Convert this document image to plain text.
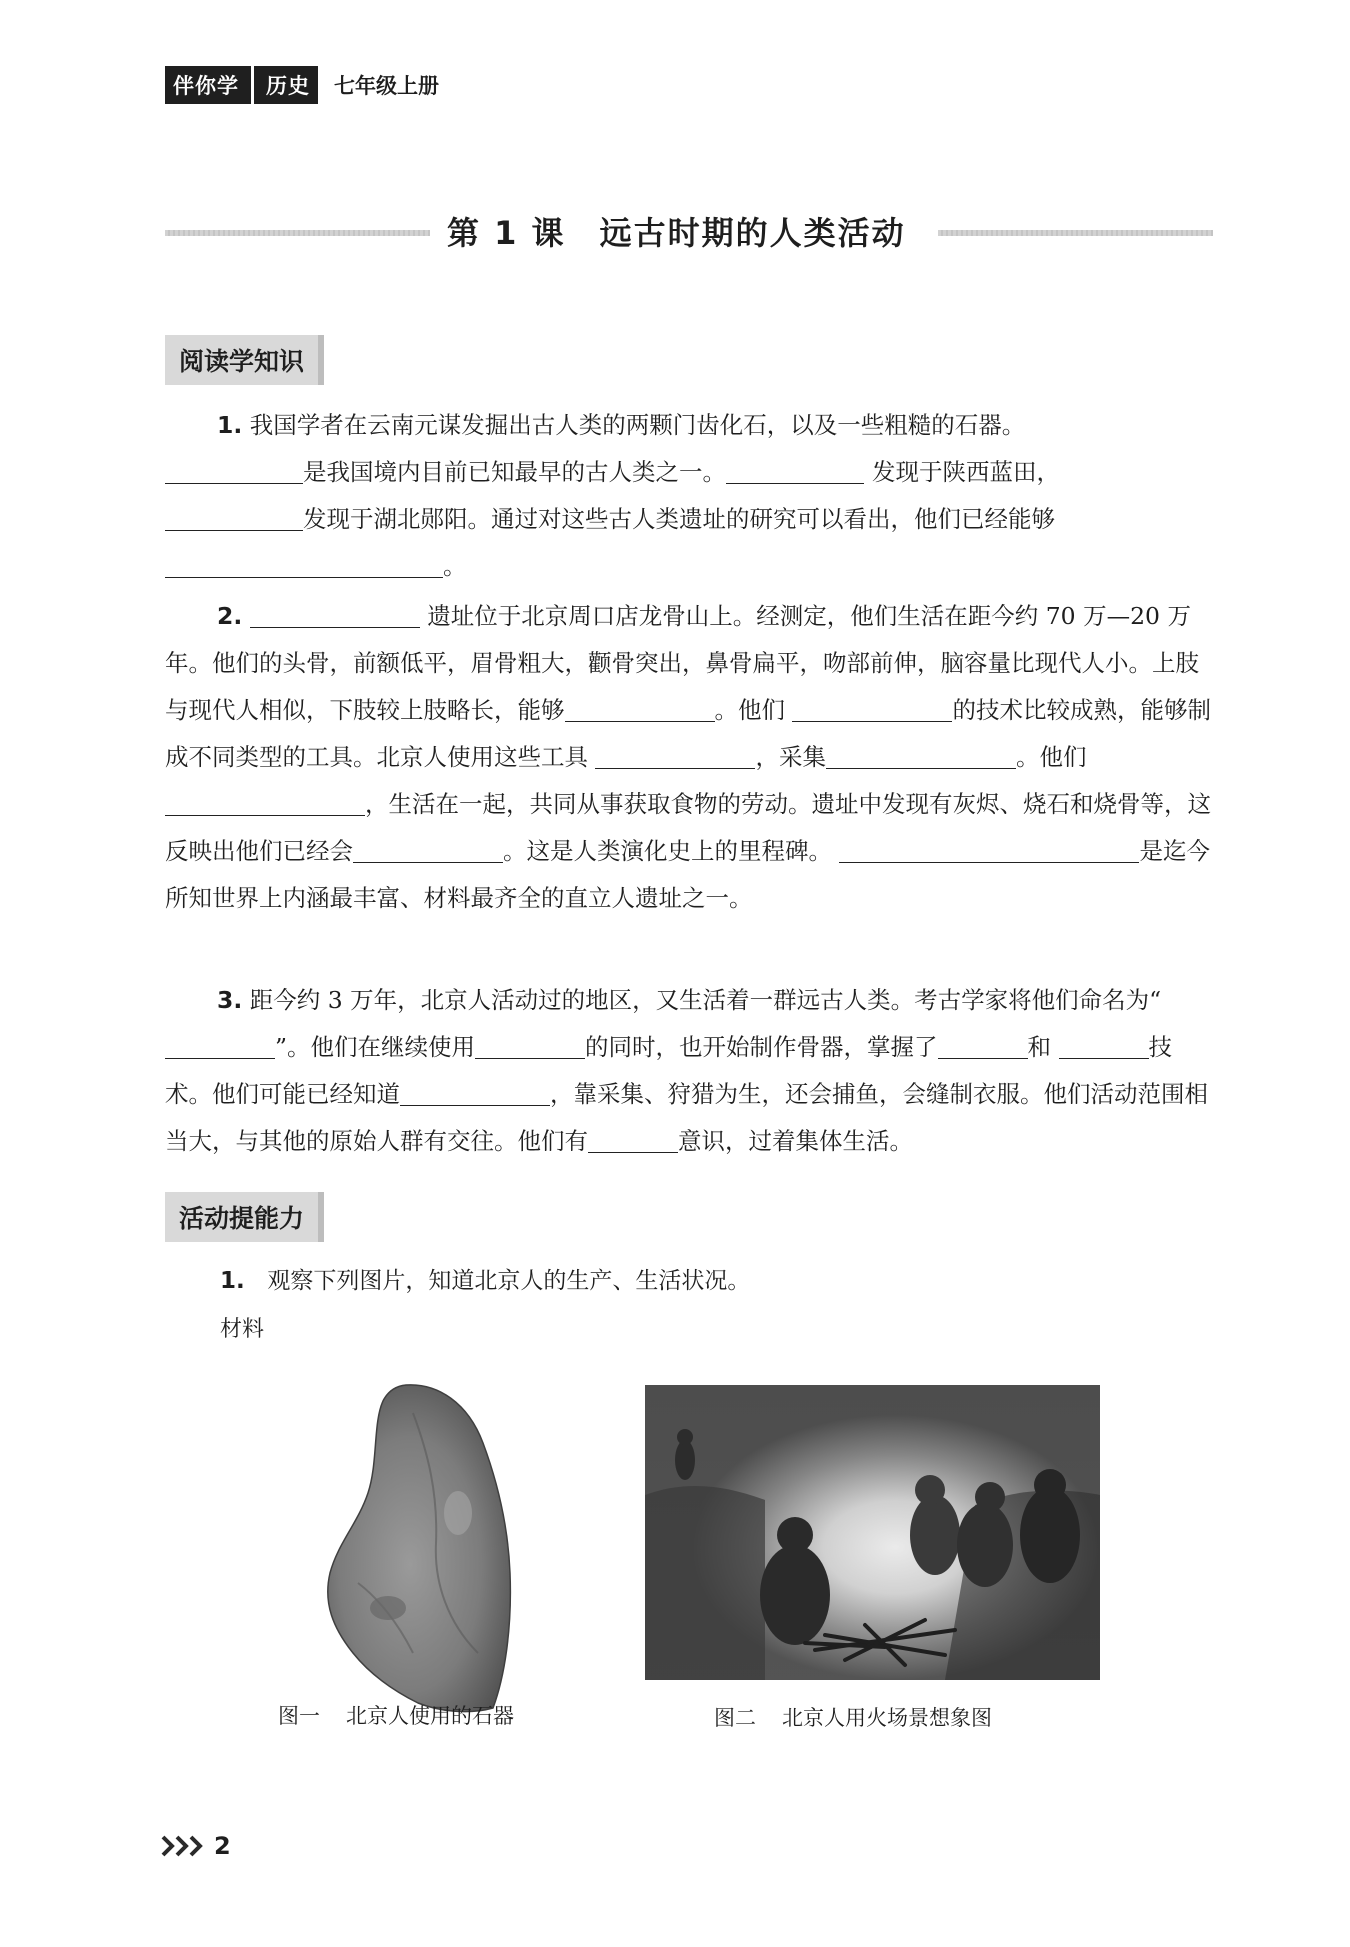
伴你学 历史 七年级上册
第 1 课 远古时期的人类活动
阅读学知识
1. 我国学者在云南元谋发掘出古人类的两颗门齿化石，以及一些粗糙的石器。
是我国境内目前已知最早的古人类之一。	发现于陕西蓝田，
发现于湖北郧阳。通过对这些古人类遗址的研究可以看出，他们已经能够
。
2.	遗址位于北京周口店龙骨山上。经测定，他们生活在距今约 70 万—20 万年。他们的头骨，前额低平，眉骨粗大，颧骨突出，鼻骨扁平，吻部前伸，脑容量比现代人小。上肢与现代人相似，下肢较上肢略长，能够	。他们	的技术比较成熟，能够制成不同类型的工具。北京人使用这些工具	，采集	。他们，生活在一起，共同从事获取食物的劳动。遗址中发现有灰烬、烧石和烧骨等，这反映出他们已经会	。这是人类演化史上的里程碑。	是迄今所知世界上内涵最丰富、材料最齐全的直立人遗址之一。
3. 距今约 3 万年，北京人活动过的地区，又生活着一群远古人类。考古学家将他们命名为“”。他们在继续使用	的同时，也开始制作骨器，掌握了	和	技术。他们可能已经知道	，靠采集、狩猎为生，还会捕鱼，会缝制衣服。他们活动范围相当大，与其他的原始人群有交往。他们有	意识，过着集体生活。
活动提能力
1. 观察下列图片，知道北京人的生产、生活状况。
材料
图一 北京人使用的石器	图二 北京人用火场景想象图
2
